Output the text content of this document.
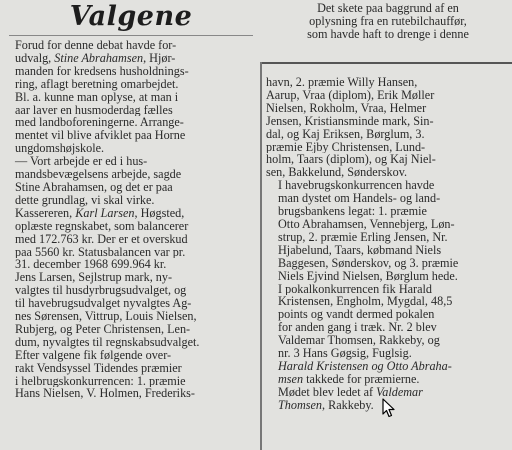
Valgene

Forud for denne debat havde for-
udvalg, Stine Abrahamsen, Hjør-
manden for kredsens husholdnings-
ring, aflagt beretning omarbejdet.
Bl. a. kunne man oplyse, at man i
aar laver en husmoderdag fælles
med landboforeningerne. Arrange-
mentet vil blive afviklet paa Horne
ungdomshøjskole.

— Vort arbejde er ed i hus-
mandsbevægelsens arbejde, sagde
Stine Abrahamsen, og det er paa
dette grundlag, vi skal virke.

Kassereren, Karl Larsen, Høgsted,
oplæste regnskabet, som balancerer
med 172.763 kr. Der er et overskud
paa 5560 kr. Statusbalancen var pr.
31. december 1968 699.964 kr.

Jens Larsen, Sejlstrup mark, ny-
valgtes til husdyrbrugsudvalget, og
til havebrugsudvalget nyvalgtes Ag-
nes Sørensen, Vittrup, Louis Nielsen,
Rubjerg, og Peter Christensen, Len-
dum, nyvalgtes til regnskabsudvalget.

Efter valgene fik følgende over-
rakt Vendsyssel Tidendes præmier
i helbrugskonkurrencen: 1. præmie
Hans Nielsen, V. Holmen, Frederiks-

Det skete paa baggrund af en
oplysning fra en rutebilchauffør,
som havde haft to drenge i denne

havn, 2. præmie Willy Hansen,
Aarup, Vraa (diplom), Erik Møller
Nielsen, Rokholm, Vraa, Helmer
Jensen, Kristiansminde mark, Sin-
dal, og Kaj Eriksen, Børglum, 3.
præmie Ejby Christensen, Lund-
holm, Taars (diplom), og Kaj Niel-
sen, Bakkelund, Sønderskov.

I havebrugskonkurrencen havde
man dystet om Handels- og land-
brugsbankens legat: 1. præmie
Otto Abrahamsen, Vennebjerg, Løn-
strup, 2. præmie Erling Jensen, Nr.
Hjabelund, Taars, købmand Niels
Baggesen, Sønderskov, og 3. præmie
Niels Ejvind Nielsen, Børglum hede.

I pokalkonkurrencen fik Harald
Kristensen, Engholm, Mygdal, 48,5
points og vandt dermed pokalen
for anden gang i træk. Nr. 2 blev
Valdemar Thomsen, Rakkeby, og
nr. 3 Hans Gøgsig, Fuglsig.

Harald Kristensen og Otto Abraha-
msen takkede for præmierne.

Mødet blev ledet af Valdemar
Thomsen, Rakkeby.
